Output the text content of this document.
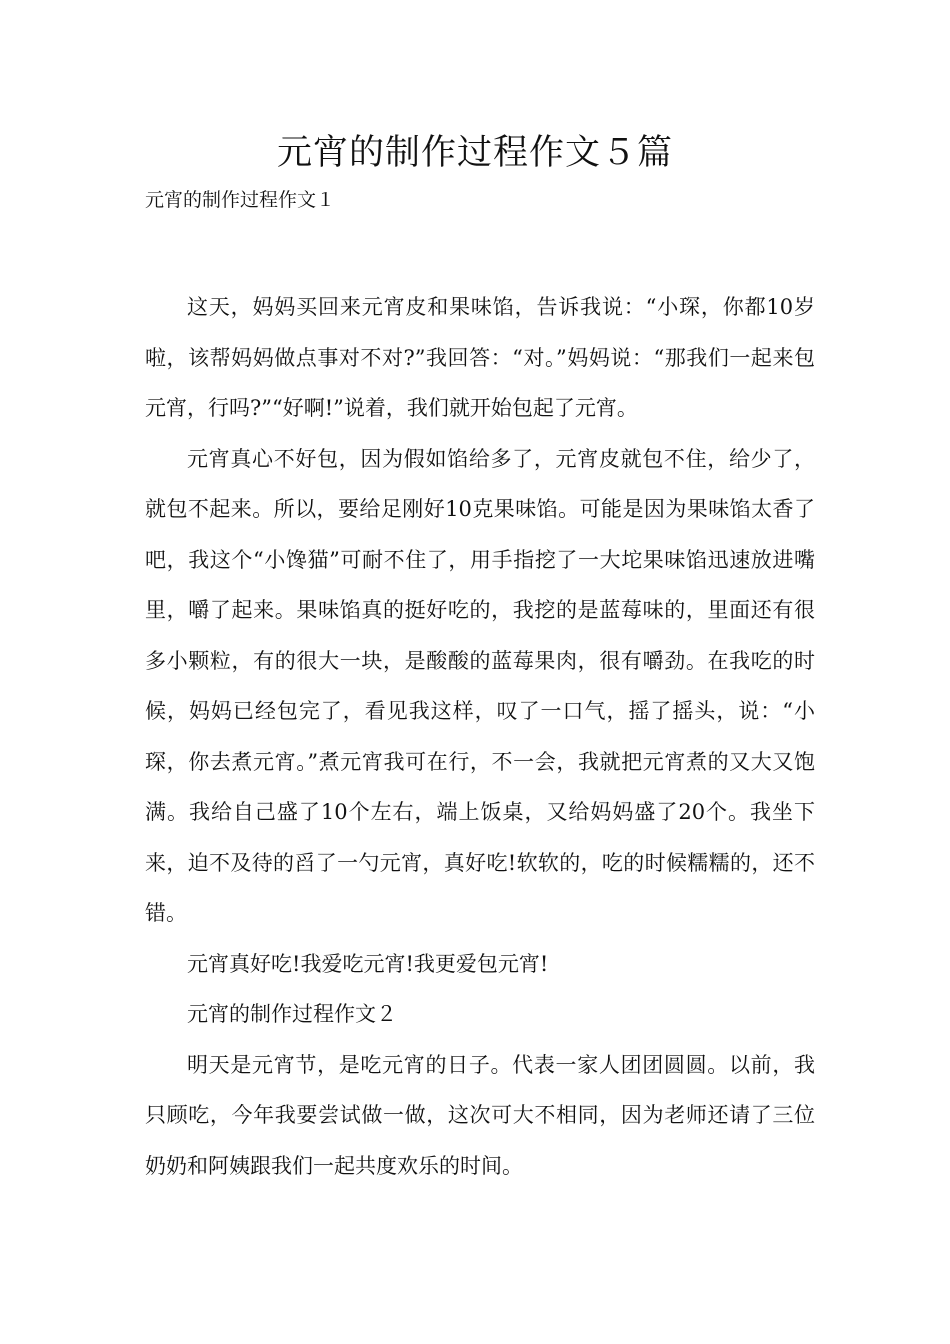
元宵的制作过程作文５篇

元宵的制作过程作文１

这天，妈妈买回来元宵皮和果味馅，告诉我说：“小琛，你都10岁啦，该帮妈妈做点事对不对?”我回答：“对。”妈妈说：“那我们一起来包元宵，行吗?”“好啊!”说着，我们就开始包起了元宵。

元宵真心不好包，因为假如馅给多了，元宵皮就包不住，给少了，就包不起来。所以，要给足刚好10克果味馅。可能是因为果味馅太香了吧，我这个“小馋猫”可耐不住了，用手指挖了一大坨果味馅迅速放进嘴里，嚼了起来。果味馅真的挺好吃的，我挖的是蓝莓味的，里面还有很多小颗粒，有的很大一块，是酸酸的蓝莓果肉，很有嚼劲。在我吃的时候，妈妈已经包完了，看见我这样，叹了一口气，摇了摇头，说：“小琛，你去煮元宵。”煮元宵我可在行，不一会，我就把元宵煮的又大又饱满。我给自己盛了10个左右，端上饭桌，又给妈妈盛了20个。我坐下来，迫不及待的舀了一勺元宵，真好吃!软软的，吃的时候糯糯的，还不错。

元宵真好吃!我爱吃元宵!我更爱包元宵!

元宵的制作过程作文２

明天是元宵节，是吃元宵的日子。代表一家人团团圆圆。以前，我只顾吃，今年我要尝试做一做，这次可大不相同，因为老师还请了三位奶奶和阿姨跟我们一起共度欢乐的时间。
